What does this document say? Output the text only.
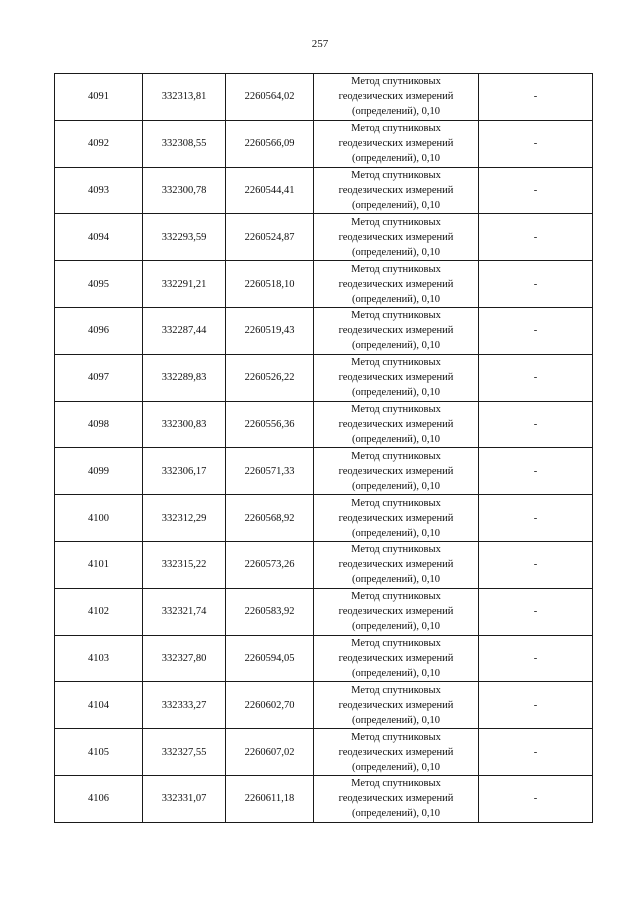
257
4091	332313,81	2260564,02	Метод спутниковых
геодезических измерений
(определений), 0,10	-
4092	332308,55	2260566,09	Метод спутниковых
геодезических измерений
(определений), 0,10	-
4093	332300,78	2260544,41	Метод спутниковых
геодезических измерений
(определений), 0,10	-
4094	332293,59	2260524,87	Метод спутниковых
геодезических измерений
(определений), 0,10	-
4095	332291,21	2260518,10	Метод спутниковых
геодезических измерений
(определений), 0,10	-
4096	332287,44	2260519,43	Метод спутниковых
геодезических измерений
(определений), 0,10	-
4097	332289,83	2260526,22	Метод спутниковых
геодезических измерений
(определений), 0,10	-
4098	332300,83	2260556,36	Метод спутниковых
геодезических измерений
(определений), 0,10	-
4099	332306,17	2260571,33	Метод спутниковых
геодезических измерений
(определений), 0,10	-
4100	332312,29	2260568,92	Метод спутниковых
геодезических измерений
(определений), 0,10	-
4101	332315,22	2260573,26	Метод спутниковых
геодезических измерений
(определений), 0,10	-
4102	332321,74	2260583,92	Метод спутниковых
геодезических измерений
(определений), 0,10	-
4103	332327,80	2260594,05	Метод спутниковых
геодезических измерений
(определений), 0,10	-
4104	332333,27	2260602,70	Метод спутниковых
геодезических измерений
(определений), 0,10	-
4105	332327,55	2260607,02	Метод спутниковых
геодезических измерений
(определений), 0,10	-
4106	332331,07	2260611,18	Метод спутниковых
геодезических измерений
(определений), 0,10	-
